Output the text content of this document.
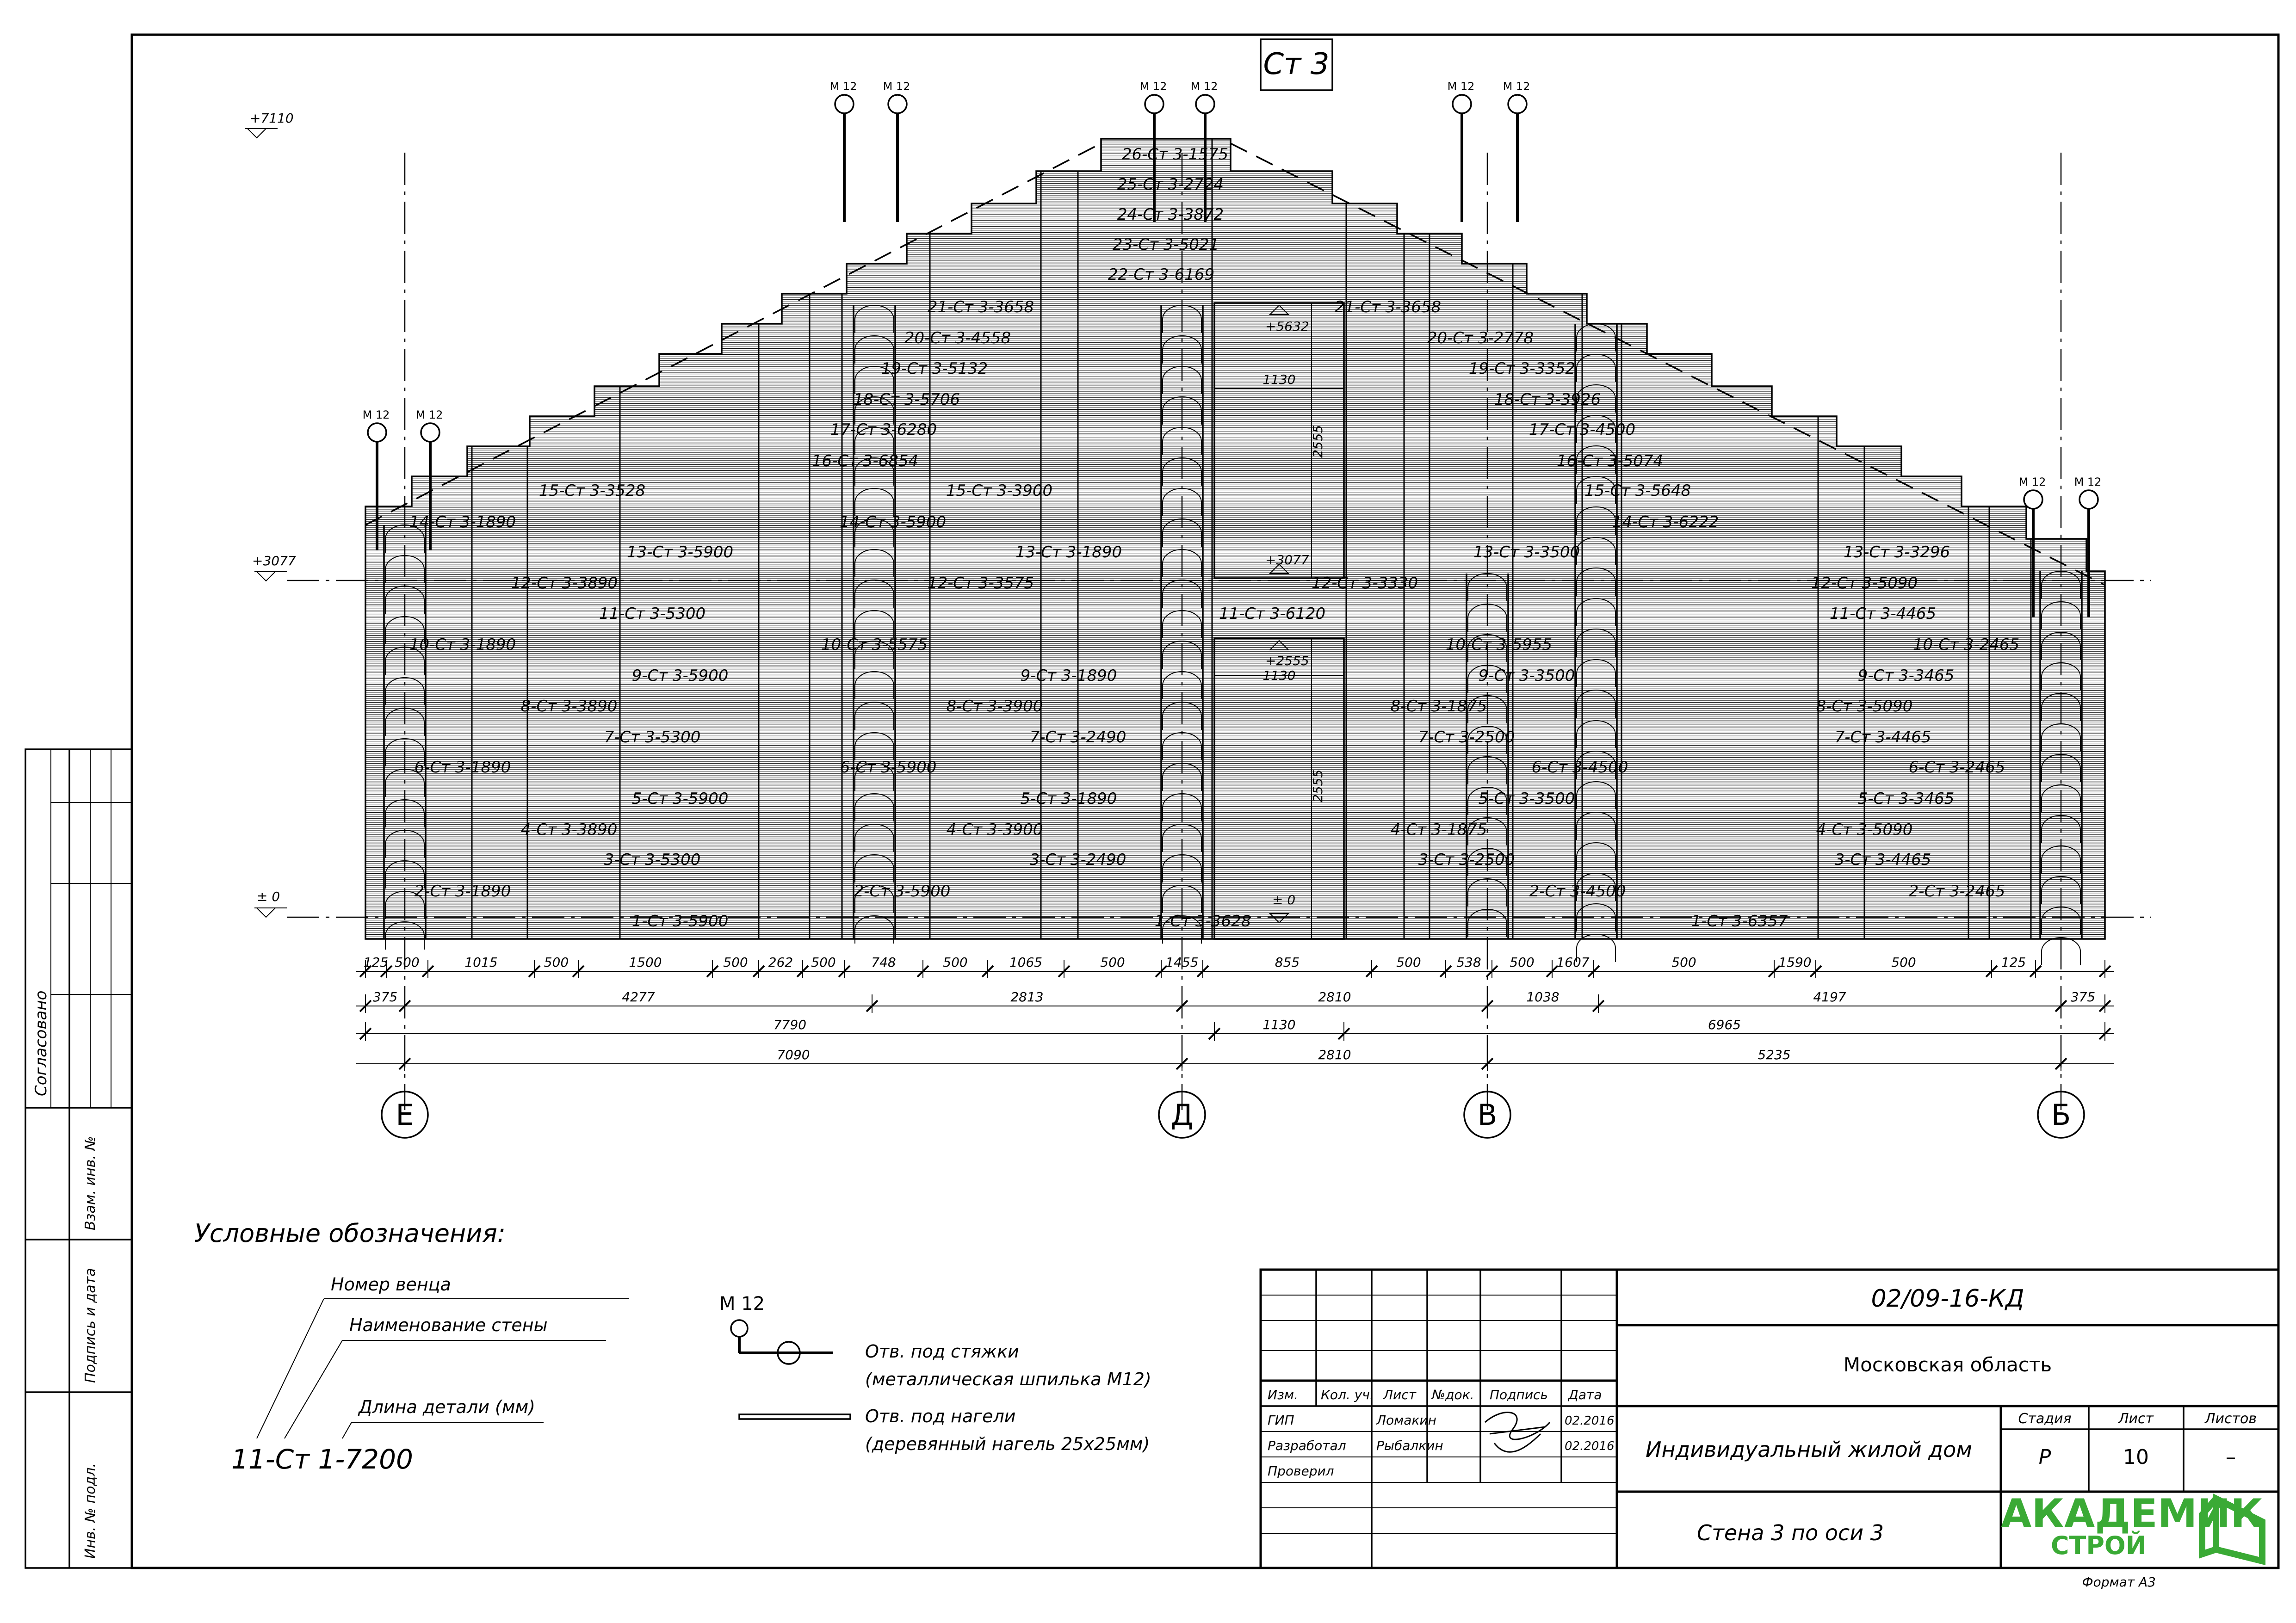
Согласовано
Взам. инв. №
Подпись и дата
Инв. № подл.
Ст 3
+7110
+3077
± 0
+5632
+3077
+2555
± 0
1130
2555
1130
2555
М 12 М 12
М 12 М 12	М 12 М 12	М 12	М 12
М 12	М 12
26-Ст 3-1575
25-Ст 3-2724
24-Ст 3-3872
23-Ст 3-5021
22-Ст 3-6169
21-Ст 3-3658	21-Ст 3-3658
20-Ст 3-4558	20-Ст 3-2778
19-Ст 3-5132	19-Ст 3-3352
18-Ст 3-5706	18-Ст 3-3926
17-Ст 3-6280	17-Ст 3-4500
16-Ст 3-6854	16-Ст 3-5074
15-Ст 3-3528	15-Ст 3-3900	15-Ст 3-5648
14-Ст 3-1890	14-Ст 3-5900	14-Ст 3-6222
13-Ст 3-5900	13-Ст 3-1890	13-Ст 3-3500	13-Ст 3-3296
12-Ст 3-3890	12-Ст 3-3575	12-Ст 3-3330	12-Ст 3-5090
11-Ст 3-5300	11-Ст 3-6120	11-Ст 3-4465
10-Ст 3-1890	10-Ст 3-5575	10-Ст 3-5955	10-Ст 3-2465
9-Ст 3-5900	9-Ст 3-1890	9-Ст 3-3500	9-Ст 3-3465
8-Ст 3-3890	8-Ст 3-3900	8-Ст 3-1875	8-Ст 3-5090
7-Ст 3-5300	7-Ст 3-2490	7-Ст 3-2500	7-Ст 3-4465
6-Ст 3-1890	6-Ст 3-5900	6-Ст 3-4500	6-Ст 3-2465
5-Ст 3-5900	5-Ст 3-1890	5-Ст 3-3500	5-Ст 3-3465
4-Ст 3-3890	4-Ст 3-3900	4-Ст 3-1875	4-Ст 3-5090
3-Ст 3-5300	3-Ст 3-2490	3-Ст 3-2500	3-Ст 3-4465
2-Ст 3-1890	2-Ст 3-5900	2-Ст 3-4500	2-Ст 3-2465
1-Ст 3-5900	1-Ст 3-3628	1-Ст 3-6357
Е	Д	В	Б
125 500	1015	500	1500	500 262 500	748	500	1065	500	1455	855	500	538 500 1607	500	1590	500	125
375	4277	2813	2810	1038	4197	375
7790	1130	6965
7090	2810	5235
Условные обозначения:
Номер венца
Наименование стены
Длина детали (мм)
11-Ст 1-7200
М 12
Отв. под стяжки
(металлическая шпилька М12)
Отв. под нагели
(деревянный нагель 25х25мм)
Изм. Кол. уч. Лист №док. Подпись Дата
ГИП	Ломакин	02.2016
Разработал Рыбалкин	02.2016
Проверил
02/09-16-КД
Московская область
Индивидуальный жилой дом
Стена 3 по оси 3
Стадия	Лист	Листов
Р	10	–
АКАДЕМИК
СТРОЙ
Формат А3
